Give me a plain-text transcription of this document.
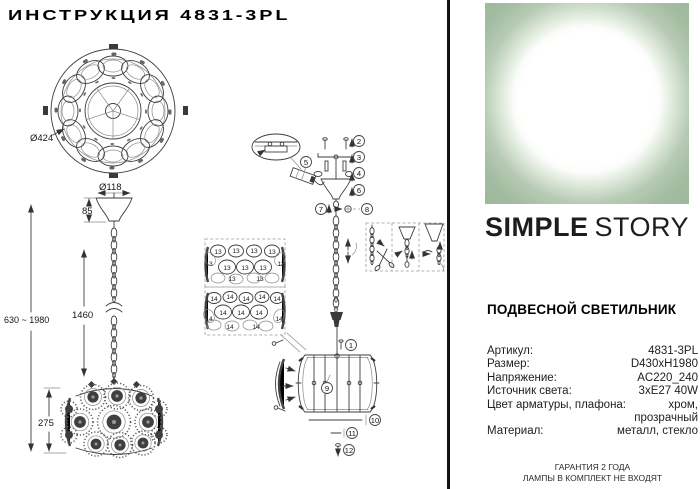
ИНСТРУКЦИЯ 4831-3PL
Ø424
Ø118
85
1460
630 ~ 1980
275
5
2
3
4
6
7	8
13 13 13 13
13 13 13
13	13
13	13
14 14 14 14 14
14 14 14
14	14
14	14
1
9
10
11
12
SIMPLE STORY
ПОДВЕСНОЙ СВЕТИЛЬНИК
Артикул:	4831-3PL
Размер:	D430xH1980
Напряжение:	AC220_240
Источник света:	3xE27 40W
Цвет арматуры, плафона:	хром,
прозрачный
Материал:	металл, стекло
ГАРАНТИЯ 2 ГОДА
ЛАМПЫ В КОМПЛЕКТ НЕ ВХОДЯТ
